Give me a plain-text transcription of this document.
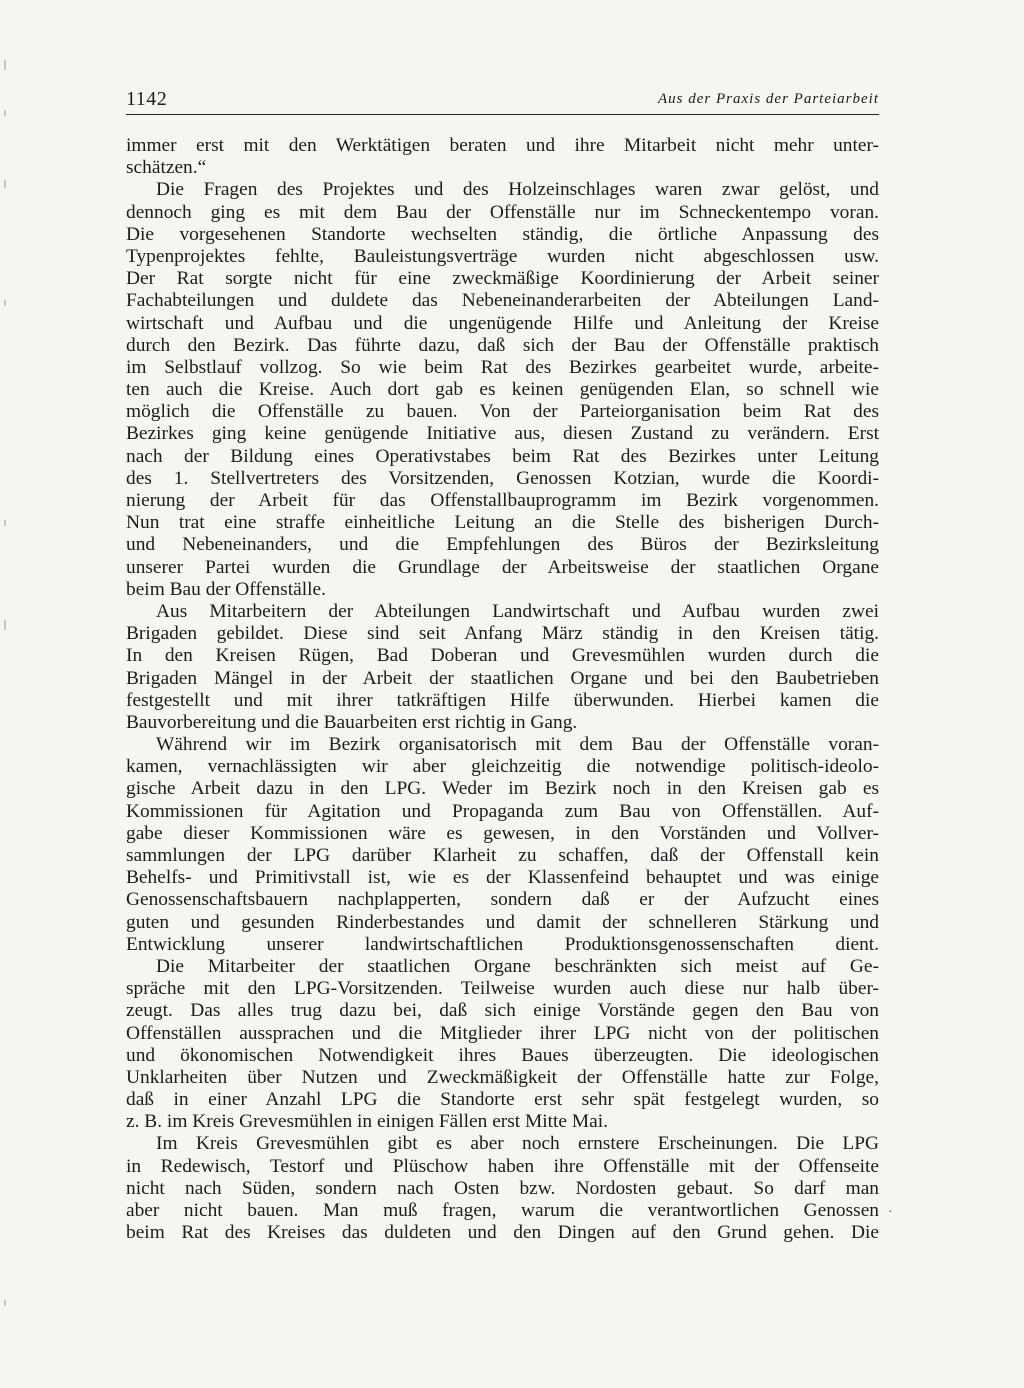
1142	Aus der Praxis der Parteiarbeit
immer erst mit den Werktätigen beraten und ihre Mitarbeit nicht mehr unter-
schätzen.“
Die Fragen des Projektes und des Holzeinschlages waren zwar gelöst, und
dennoch ging es mit dem Bau der Offenställe nur im Schneckentempo voran.
Die vorgesehenen Standorte wechselten ständig, die örtliche Anpassung des
Typenprojektes fehlte, Bauleistungsverträge wurden nicht abgeschlossen usw.
Der Rat sorgte nicht für eine zweckmäßige Koordinierung der Arbeit seiner
Fachabteilungen und duldete das Nebeneinanderarbeiten der Abteilungen Land-
wirtschaft und Aufbau und die ungenügende Hilfe und Anleitung der Kreise
durch den Bezirk. Das führte dazu, daß sich der Bau der Offenställe praktisch
im Selbstlauf vollzog. So wie beim Rat des Bezirkes gearbeitet wurde, arbeite-
ten auch die Kreise. Auch dort gab es keinen genügenden Elan, so schnell wie
möglich die Offenställe zu bauen. Von der Parteiorganisation beim Rat des
Bezirkes ging keine genügende Initiative aus, diesen Zustand zu verändern. Erst
nach der Bildung eines Operativstabes beim Rat des Bezirkes unter Leitung
des 1. Stellvertreters des Vorsitzenden, Genossen Kotzian, wurde die Koordi-
nierung der Arbeit für das Offenstallbauprogramm im Bezirk vorgenommen.
Nun trat eine straffe einheitliche Leitung an die Stelle des bisherigen Durch-
und Nebeneinanders, und die Empfehlungen des Büros der Bezirksleitung
unserer Partei wurden die Grundlage der Arbeitsweise der staatlichen Organe
beim Bau der Offenställe.
Aus Mitarbeitern der Abteilungen Landwirtschaft und Aufbau wurden zwei
Brigaden gebildet. Diese sind seit Anfang März ständig in den Kreisen tätig.
In den Kreisen Rügen, Bad Doberan und Grevesmühlen wurden durch die
Brigaden Mängel in der Arbeit der staatlichen Organe und bei den Baubetrieben
festgestellt und mit ihrer tatkräftigen Hilfe überwunden. Hierbei kamen die
Bauvorbereitung und die Bauarbeiten erst richtig in Gang.
Während wir im Bezirk organisatorisch mit dem Bau der Offenställe voran-
kamen, vernachlässigten wir aber gleichzeitig die notwendige politisch-ideolo-
gische Arbeit dazu in den LPG. Weder im Bezirk noch in den Kreisen gab es
Kommissionen für Agitation und Propaganda zum Bau von Offenställen. Auf-
gabe dieser Kommissionen wäre es gewesen, in den Vorständen und Vollver-
sammlungen der LPG darüber Klarheit zu schaffen, daß der Offenstall kein
Behelfs- und Primitivstall ist, wie es der Klassenfeind behauptet und was einige
Genossenschaftsbauern nachplapperten, sondern daß er der Aufzucht eines
guten und gesunden Rinderbestandes und damit der schnelleren Stärkung und
Entwicklung unserer landwirtschaftlichen Produktionsgenossenschaften dient.
Die Mitarbeiter der staatlichen Organe beschränkten sich meist auf Ge-
spräche mit den LPG-Vorsitzenden. Teilweise wurden auch diese nur halb über-
zeugt. Das alles trug dazu bei, daß sich einige Vorstände gegen den Bau von
Offenställen aussprachen und die Mitglieder ihrer LPG nicht von der politischen
und ökonomischen Notwendigkeit ihres Baues überzeugten. Die ideologischen
Unklarheiten über Nutzen und Zweckmäßigkeit der Offenställe hatte zur Folge,
daß in einer Anzahl LPG die Standorte erst sehr spät festgelegt wurden, so
z. B. im Kreis Grevesmühlen in einigen Fällen erst Mitte Mai.
Im Kreis Grevesmühlen gibt es aber noch ernstere Erscheinungen. Die LPG
in Redewisch, Testorf und Plüschow haben ihre Offenställe mit der Offenseite
nicht nach Süden, sondern nach Osten bzw. Nordosten gebaut. So darf man
aber nicht bauen. Man muß fragen, warum die verantwortlichen Genossen
beim Rat des Kreises das duldeten und den Dingen auf den Grund gehen. Die
·
